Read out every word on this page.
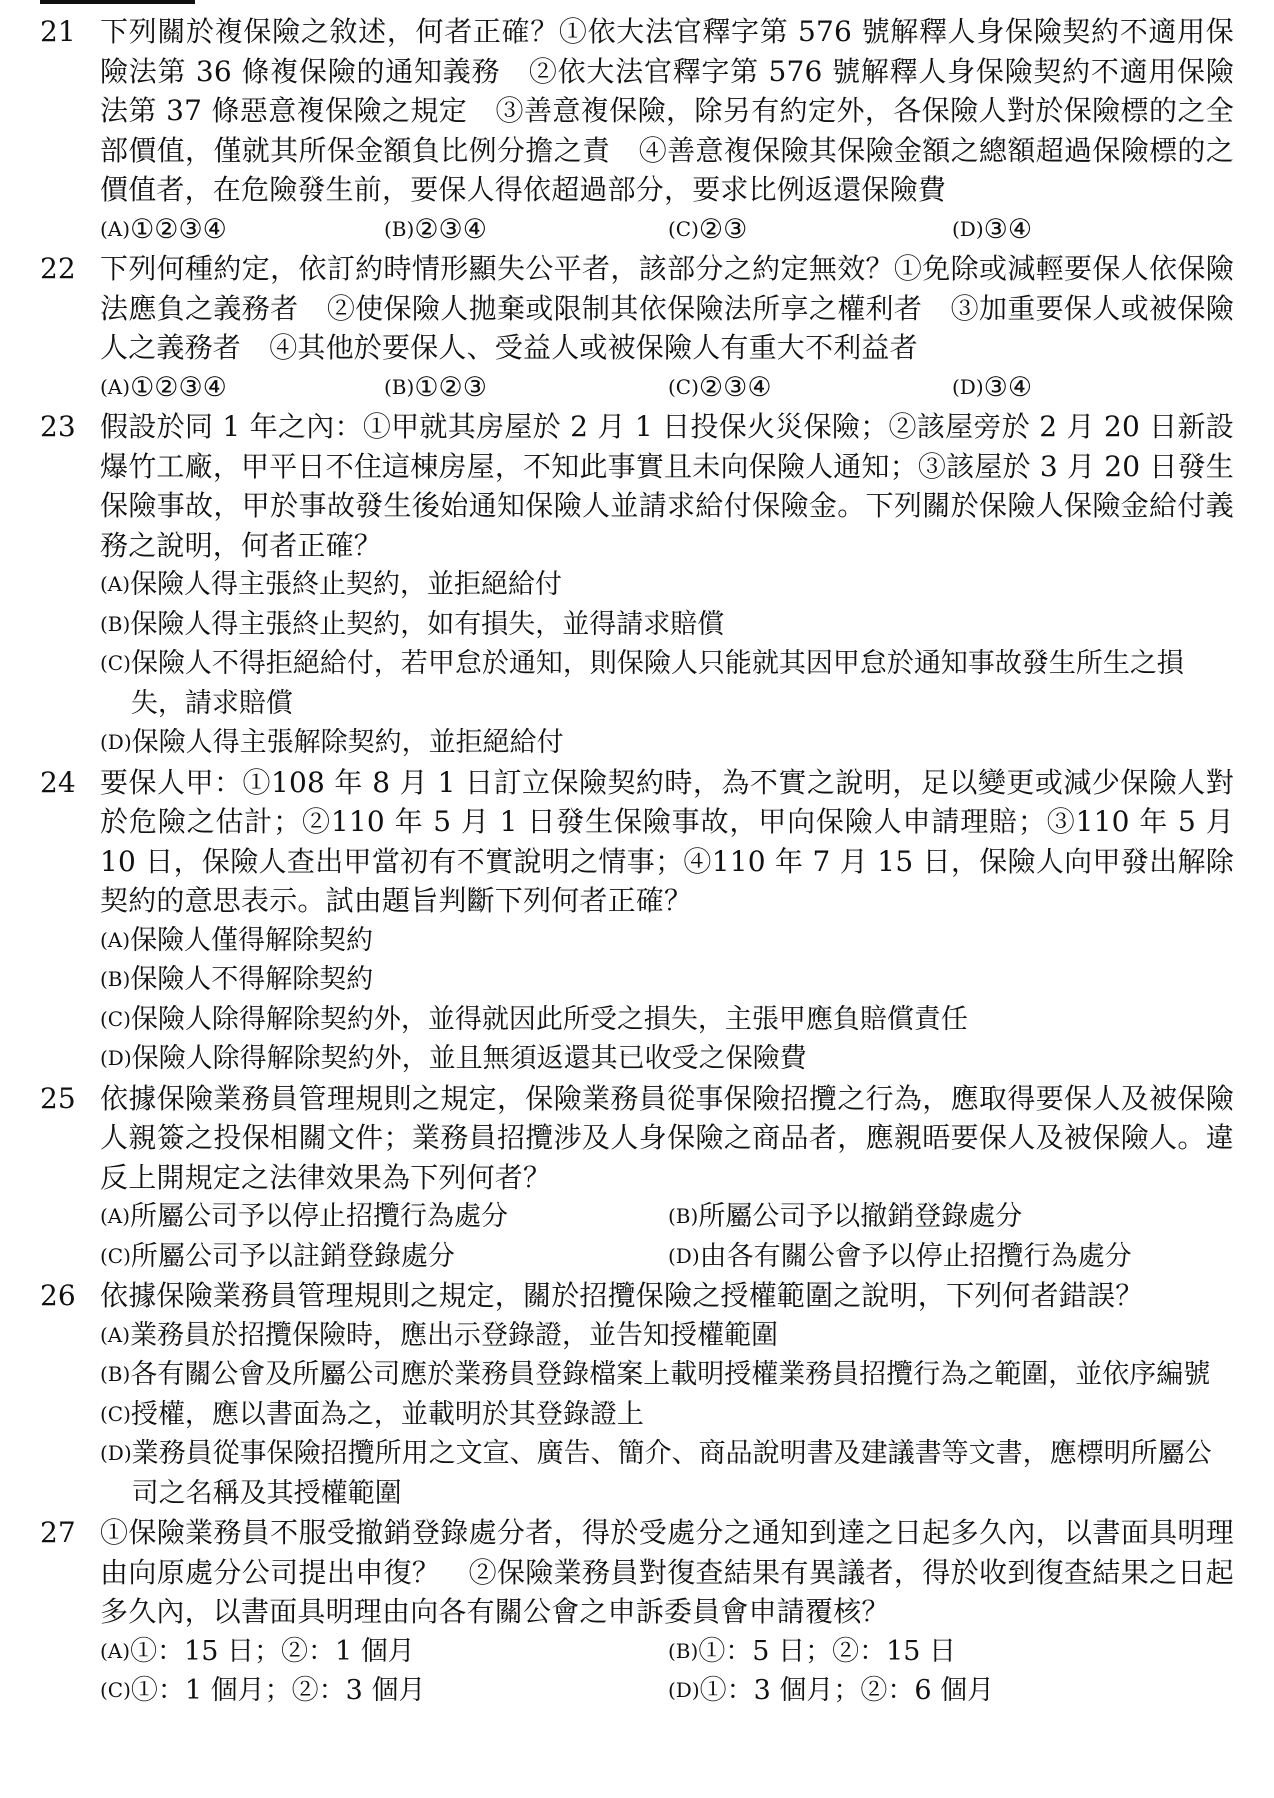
21 下列關於複保險之敘述，何者正確？①依大法官釋字第 576 號解釋人身保險契約不適用保險法第 36 條複保險的通知義務　②依大法官釋字第 576 號解釋人身保險契約不適用保險法第 37 條惡意複保險之規定　③善意複保險，除另有約定外，各保險人對於保險標的之全部價值，僅就其所保金額負比例分擔之責　④善意複保險其保險金額之總額超過保險標的之價值者，在危險發生前，要保人得依超過部分，要求比例返還保險費
(A) ①②③④	(B) ②③④	(C) ②③	(D) ③④
22 下列何種約定，依訂約時情形顯失公平者，該部分之約定無效？①免除或減輕要保人依保險法應負之義務者　②使保險人拋棄或限制其依保險法所享之權利者　③加重要保人或被保險人之義務者　④其他於要保人、受益人或被保險人有重大不利益者
(A) ①②③④	(B) ①②③	(C) ②③④	(D) ③④
23 假設於同 1 年之內：①甲就其房屋於 2 月 1 日投保火災保險；②該屋旁於 2 月 20 日新設爆竹工廠，甲平日不住這棟房屋，不知此事實且未向保險人通知；③該屋於 3 月 20 日發生保險事故，甲於事故發生後始通知保險人並請求給付保險金。下列關於保險人保險金給付義務之說明，何者正確？
(A) 保險人得主張終止契約，並拒絕給付
(B) 保險人得主張終止契約，如有損失，並得請求賠償
(C) 保險人不得拒絕給付，若甲怠於通知，則保險人只能就其因甲怠於通知事故發生所生之損失，請求賠償
(D) 保險人得主張解除契約，並拒絕給付
24 要保人甲：①108 年 8 月 1 日訂立保險契約時，為不實之說明，足以變更或減少保險人對於危險之估計；②110 年 5 月 1 日發生保險事故，甲向保險人申請理賠；③110 年 5 月 10 日，保險人查出甲當初有不實說明之情事；④110 年 7 月 15 日，保險人向甲發出解除契約的意思表示。試由題旨判斷下列何者正確？
(A) 保險人僅得解除契約
(B) 保險人不得解除契約
(C) 保險人除得解除契約外，並得就因此所受之損失，主張甲應負賠償責任
(D) 保險人除得解除契約外，並且無須返還其已收受之保險費
25 依據保險業務員管理規則之規定，保險業務員從事保險招攬之行為，應取得要保人及被保險人親簽之投保相關文件；業務員招攬涉及人身保險之商品者，應親晤要保人及被保險人。違反上開規定之法律效果為下列何者？
(A) 所屬公司予以停止招攬行為處分	(B) 所屬公司予以撤銷登錄處分
(C) 所屬公司予以註銷登錄處分	(D) 由各有關公會予以停止招攬行為處分
26 依據保險業務員管理規則之規定，關於招攬保險之授權範圍之說明，下列何者錯誤？
(A) 業務員於招攬保險時，應出示登錄證，並告知授權範圍
(B) 各有關公會及所屬公司應於業務員登錄檔案上載明授權業務員招攬行為之範圍，並依序編號
(C) 授權，應以書面為之，並載明於其登錄證上
(D) 業務員從事保險招攬所用之文宣、廣告、簡介、商品說明書及建議書等文書，應標明所屬公司之名稱及其授權範圍
27 ①保險業務員不服受撤銷登錄處分者，得於受處分之通知到達之日起多久內，以書面具明理由向原處分公司提出申復？　②保險業務員對復查結果有異議者，得於收到復查結果之日起多久內，以書面具明理由向各有關公會之申訴委員會申請覆核？
(A) ①：15 日；②：1 個月	(B) ①：5 日；②：15 日
(C) ①：1 個月；②：3 個月	(D) ①：3 個月；②：6 個月
